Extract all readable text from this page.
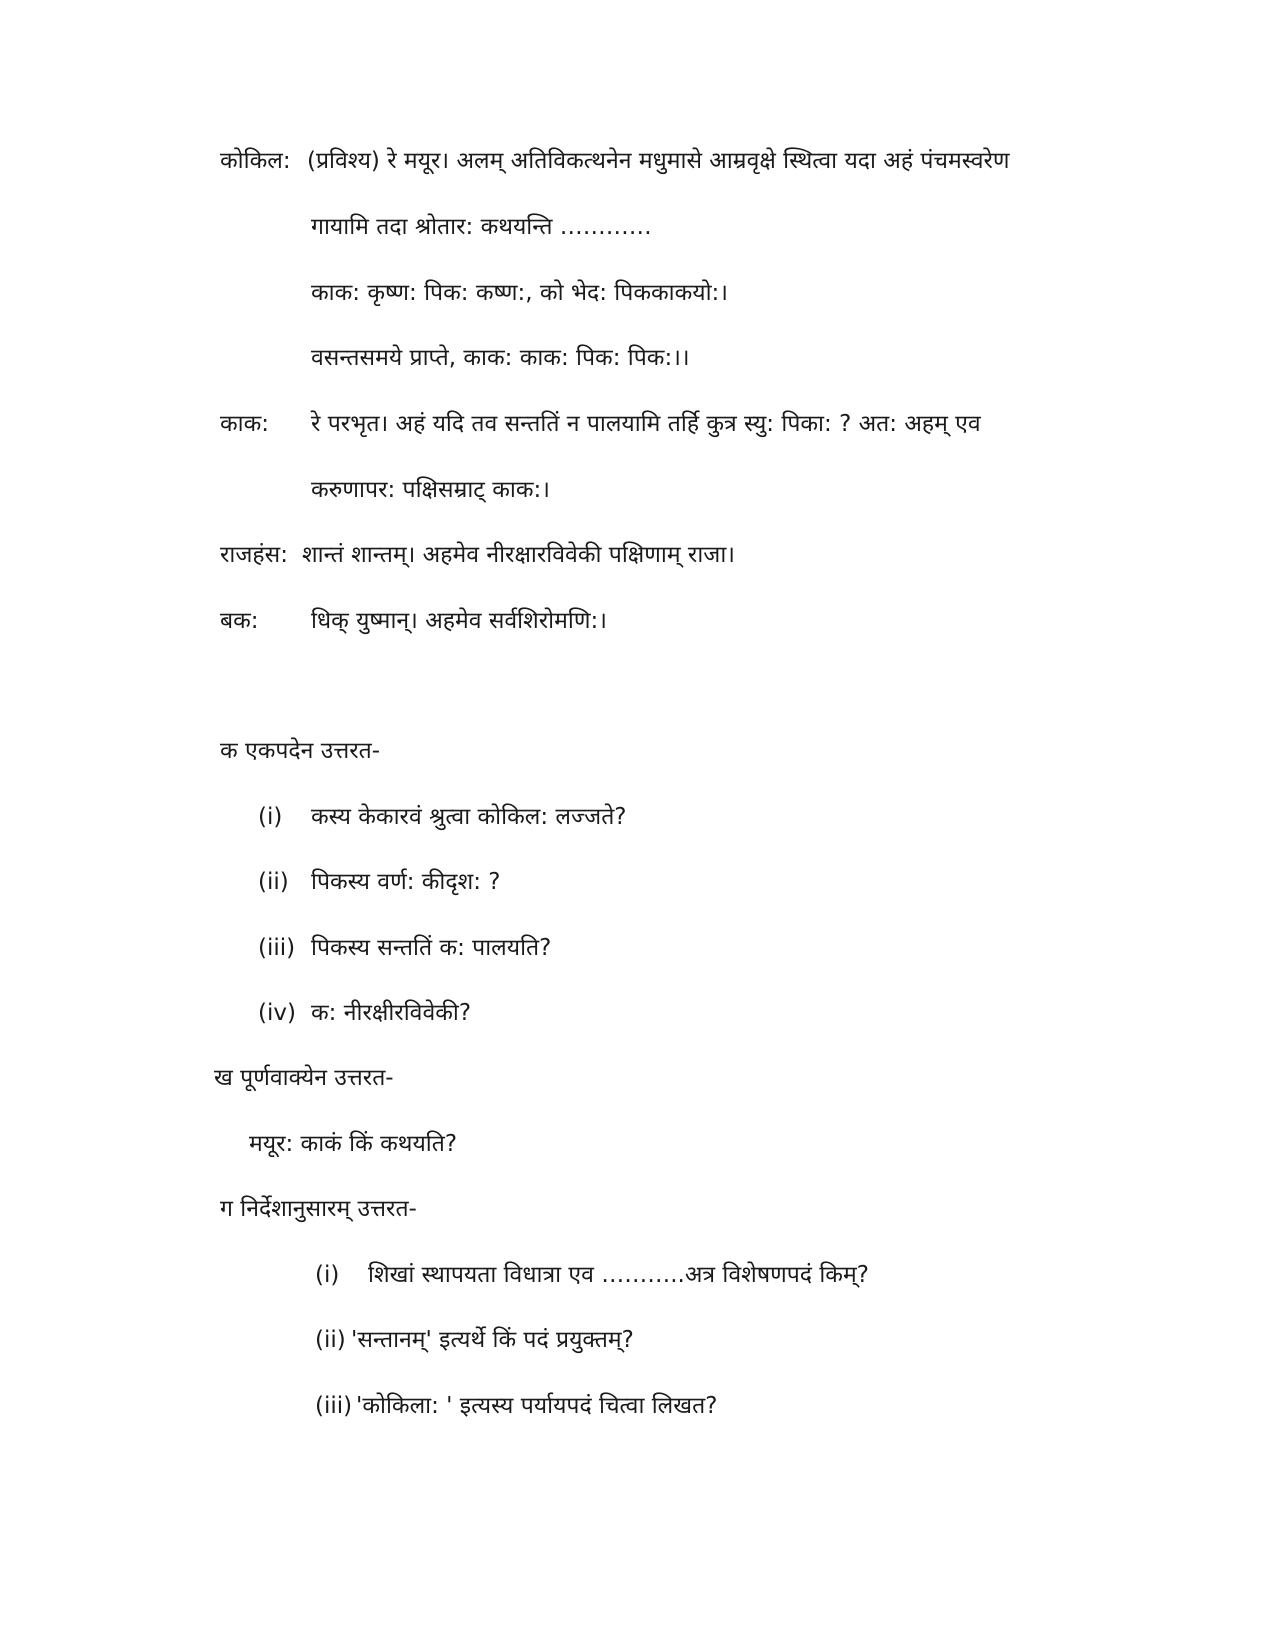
कोकिल: (प्रविश्य) रे मयूर। अलम् अतिविकत्थनेन मधुमासे आम्रवृक्षे स्थित्वा यदा अहं पंचमस्वरेण
गायामि तदा श्रोतार: कथयन्ति …………
काक: कृष्ण: पिक: कष्ण:, को भेद: पिककाकयो:।
वसन्तसमये प्राप्ते, काक: काक: पिक: पिक:।।
काक: रे परभृत। अहं यदि तव सन्ततिं न पालयामि तर्हि कुत्र स्यु: पिका: ? अत: अहम् एव
करुणापर: पक्षिसम्राट् काक:।
राजहंस: शान्तं शान्तम्। अहमेव नीरक्षारविवेकी पक्षिणाम् राजा।
बक: धिक् युष्मान्। अहमेव सर्वशिरोमणि:।
क एकपदेन उत्तरत-
(i) कस्य केकारवं श्रुत्वा कोकिल: लज्जते?
(ii) पिकस्य वर्ण: कीदृश: ?
(iii) पिकस्य सन्ततिं क: पालयति?
(iv) क: नीरक्षीरविवेकी?
ख पूर्णवाक्येन उत्तरत-
मयूर: काकं किं कथयति?
ग निर्देशानुसारम् उत्तरत-
(i) शिखां स्थापयता विधात्रा एव ………..अत्र विशेषणपदं किम्?
(ii) 'सन्तानम्' इत्यर्थे किं पदं प्रयुक्तम्?
(iii) 'कोकिला: ' इत्यस्य पर्यायपदं चित्वा लिखत?
